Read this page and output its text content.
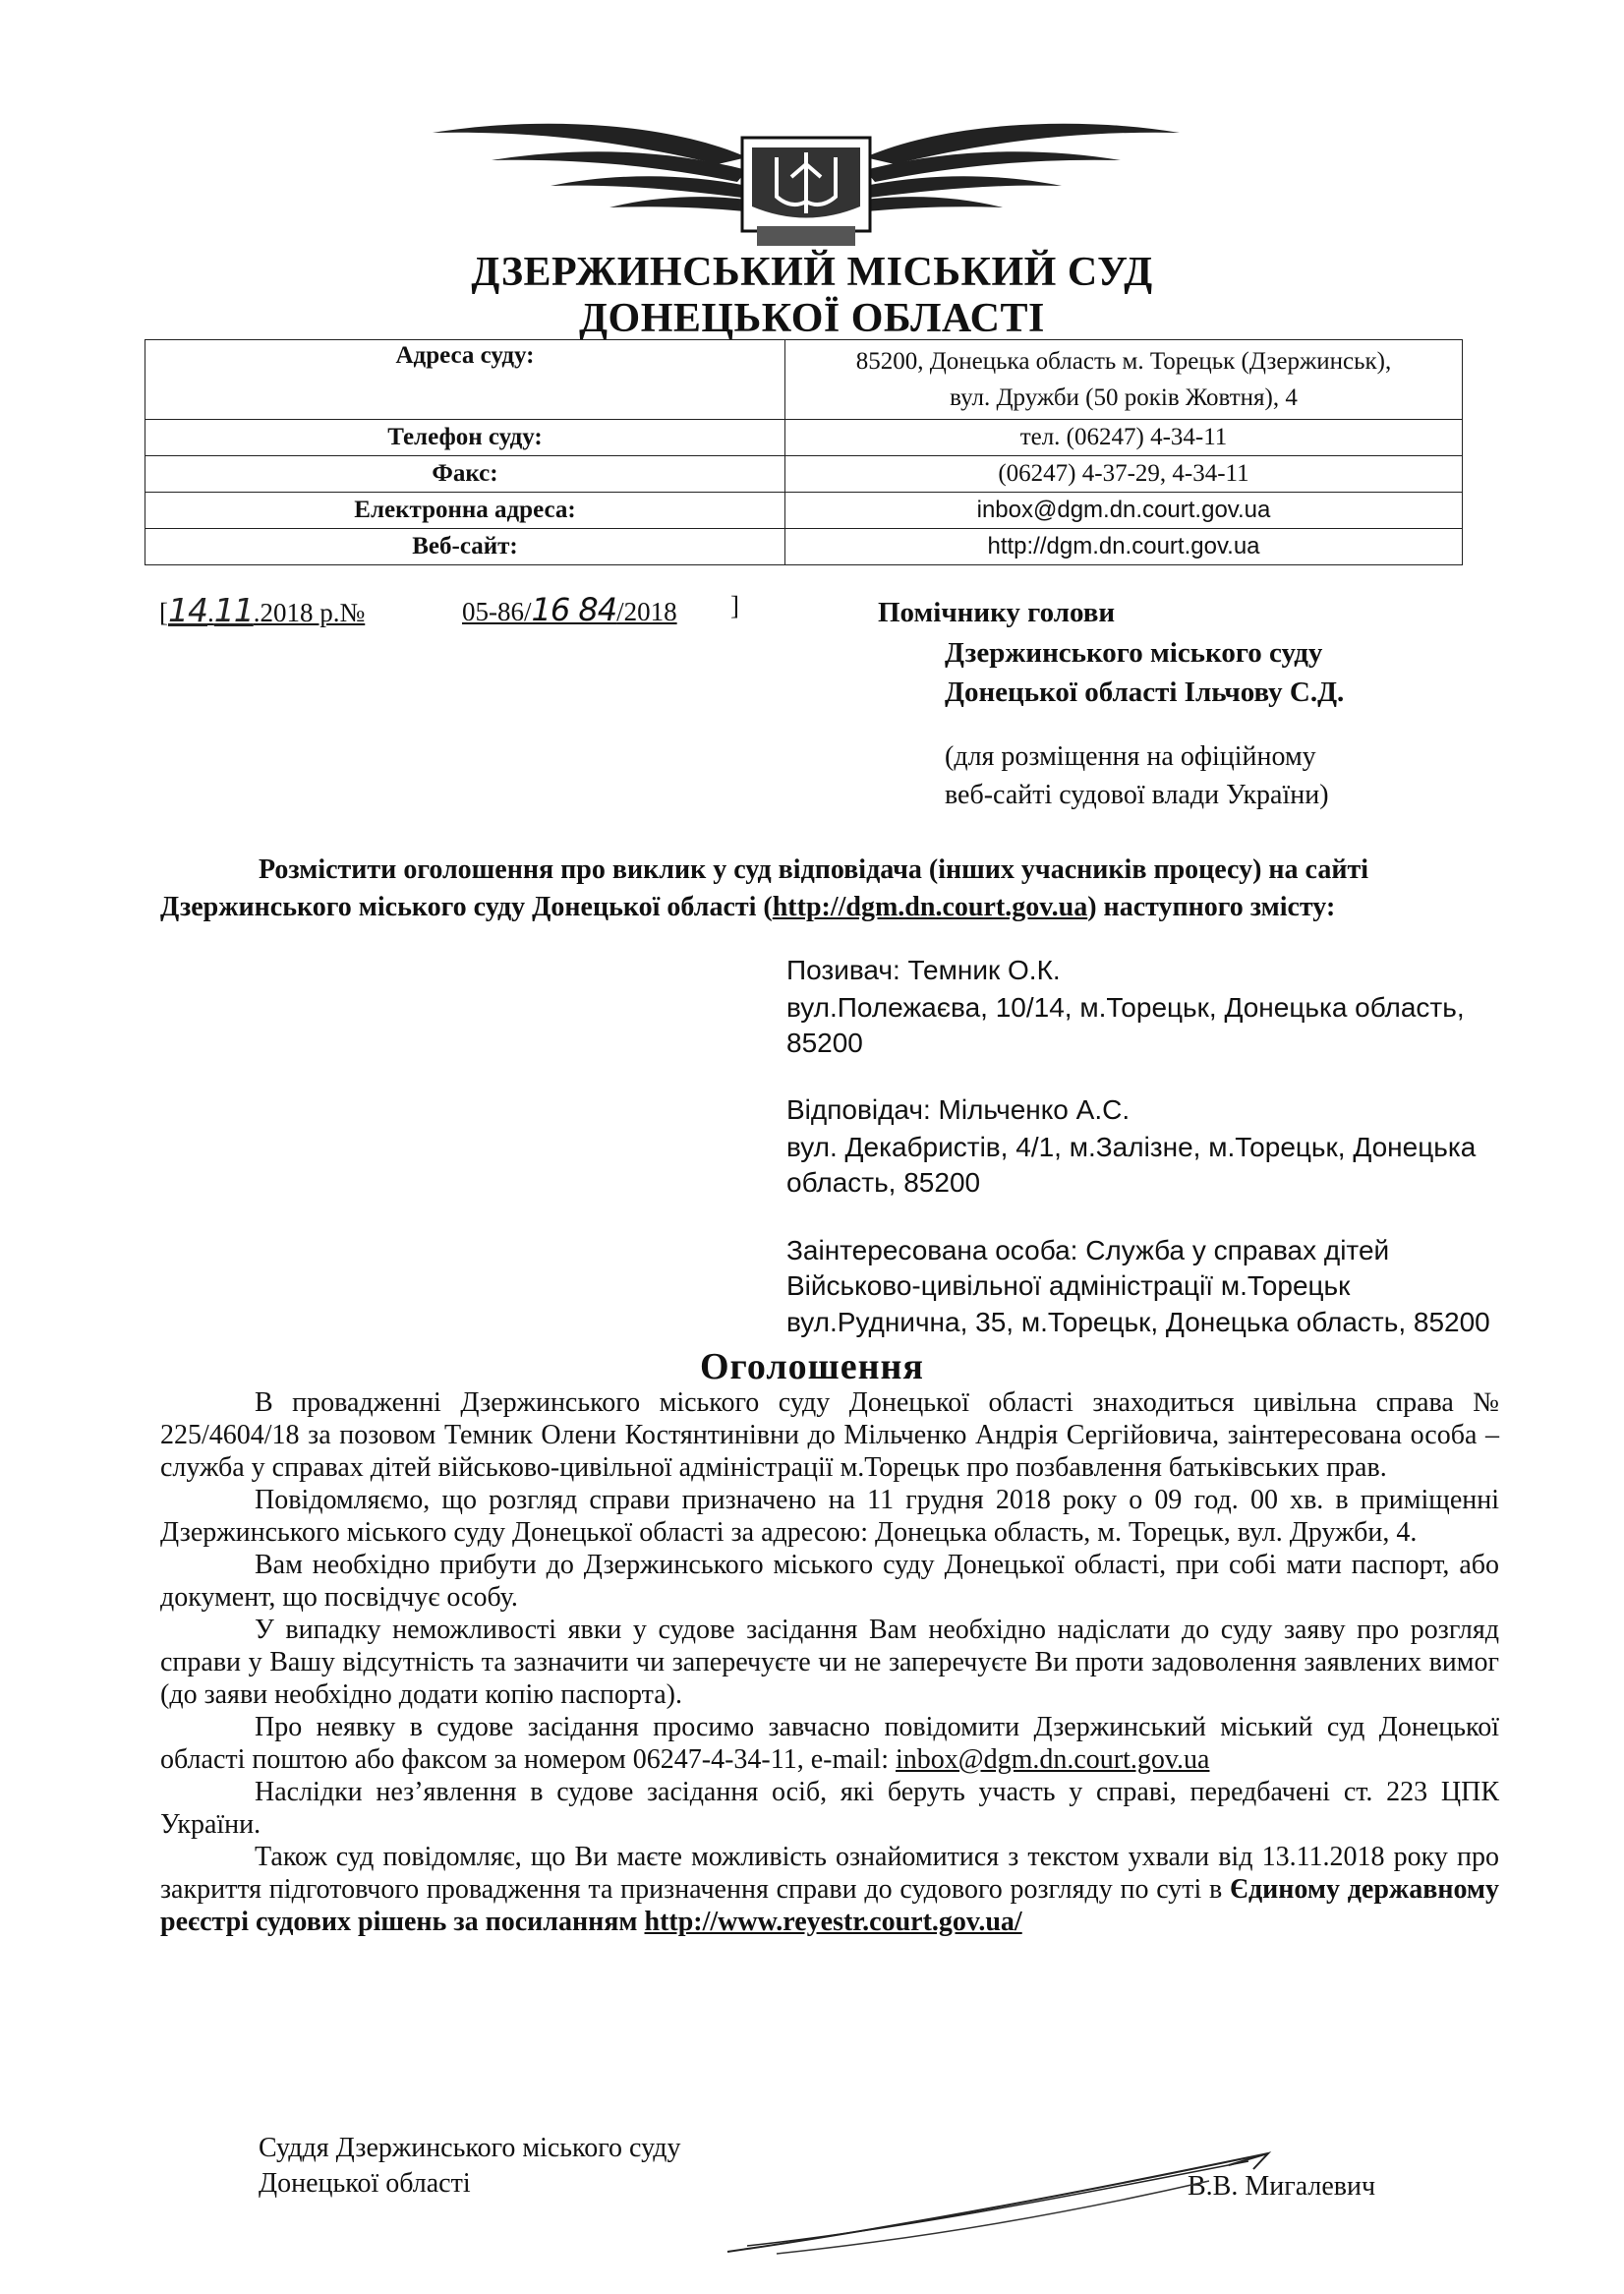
ДЗЕРЖИНСЬКИЙ МІСЬКИЙ СУД
ДОНЕЦЬКОЇ ОБЛАСТІ
Адреса суду:	85200, Донецька область м. Торецьк (Дзержинськ),
вул. Дружби (50 років Жовтня), 4

Телефон суду:	тел. (06247) 4-34-11
Факс:	(06247) 4-37-29, 4-34-11
Електронна адреса:	inbox@dgm.dn.court.gov.ua
Веб-сайт:	http://dgm.dn.court.gov.ua
[14.11.2018 р.№	05-86/16 84/2018	]	Помічнику голови
Дзержинського міського суду
Донецької області Ільчову С.Д.
(для розміщення на офіційному
веб-сайті судової влади України)
Розмістити оголошення про виклик у суд відповідача (інших учасників процесу) на сайті
Дзержинського міського суду Донецької області (http://dgm.dn.court.gov.ua) наступного змісту:
Позивач: Темник О.К.
вул.Полежаєва, 10/14, м.Торецьк, Донецька область,
85200
Відповідач: Мільченко А.С.
вул. Декабристів, 4/1, м.Залізне, м.Торецьк, Донецька
область, 85200
Заінтересована особа: Служба у справах дітей
Військово-цивільної адміністрації м.Торецьк
вул.Руднична, 35, м.Торецьк, Донецька область, 85200
Оголошення

В провадженні Дзержинського міського суду Донецької області знаходиться цивільна справа № 225/4604/18 за позовом Темник Олени Костянтинівни до Мільченко Андрія Сергійовича, заінтересована особа – служба у справах дітей військово-цивільної адміністрації м.Торецьк про позбавлення батьківських прав.

Повідомляємо, що розгляд справи призначено на 11 грудня 2018 року о 09 год. 00 хв. в приміщенні Дзержинського міського суду Донецької області за адресою: Донецька область, м. Торецьк, вул. Дружби, 4.

Вам необхідно прибути до Дзержинського міського суду Донецької області, при собі мати паспорт, або документ, що посвідчує особу.

У випадку неможливості явки у судове засідання Вам необхідно надіслати до суду заяву про розгляд справи у Вашу відсутність та зазначити чи заперечуєте чи не заперечуєте Ви проти задоволення заявлених вимог (до заяви необхідно додати копію паспорта).

Про неявку в судове засідання просимо завчасно повідомити Дзержинський міський суд Донецької області поштою або факсом за номером 06247-4-34-11, e-mail: inbox@dgm.dn.court.gov.ua

Наслідки нез’явлення в судове засідання осіб, які беруть участь у справі, передбачені ст. 223 ЦПК України.

Також суд повідомляє, що Ви маєте можливість ознайомитися з текстом ухвали від 13.11.2018 року про закриття підготовчого провадження та призначення справи до судового розгляду по суті в Єдиному державному реєстрі судових рішень за посиланням http://www.reyestr.court.gov.ua/

Суддя Дзержинського міського суду
Донецької області	В.В. Мигалевич
